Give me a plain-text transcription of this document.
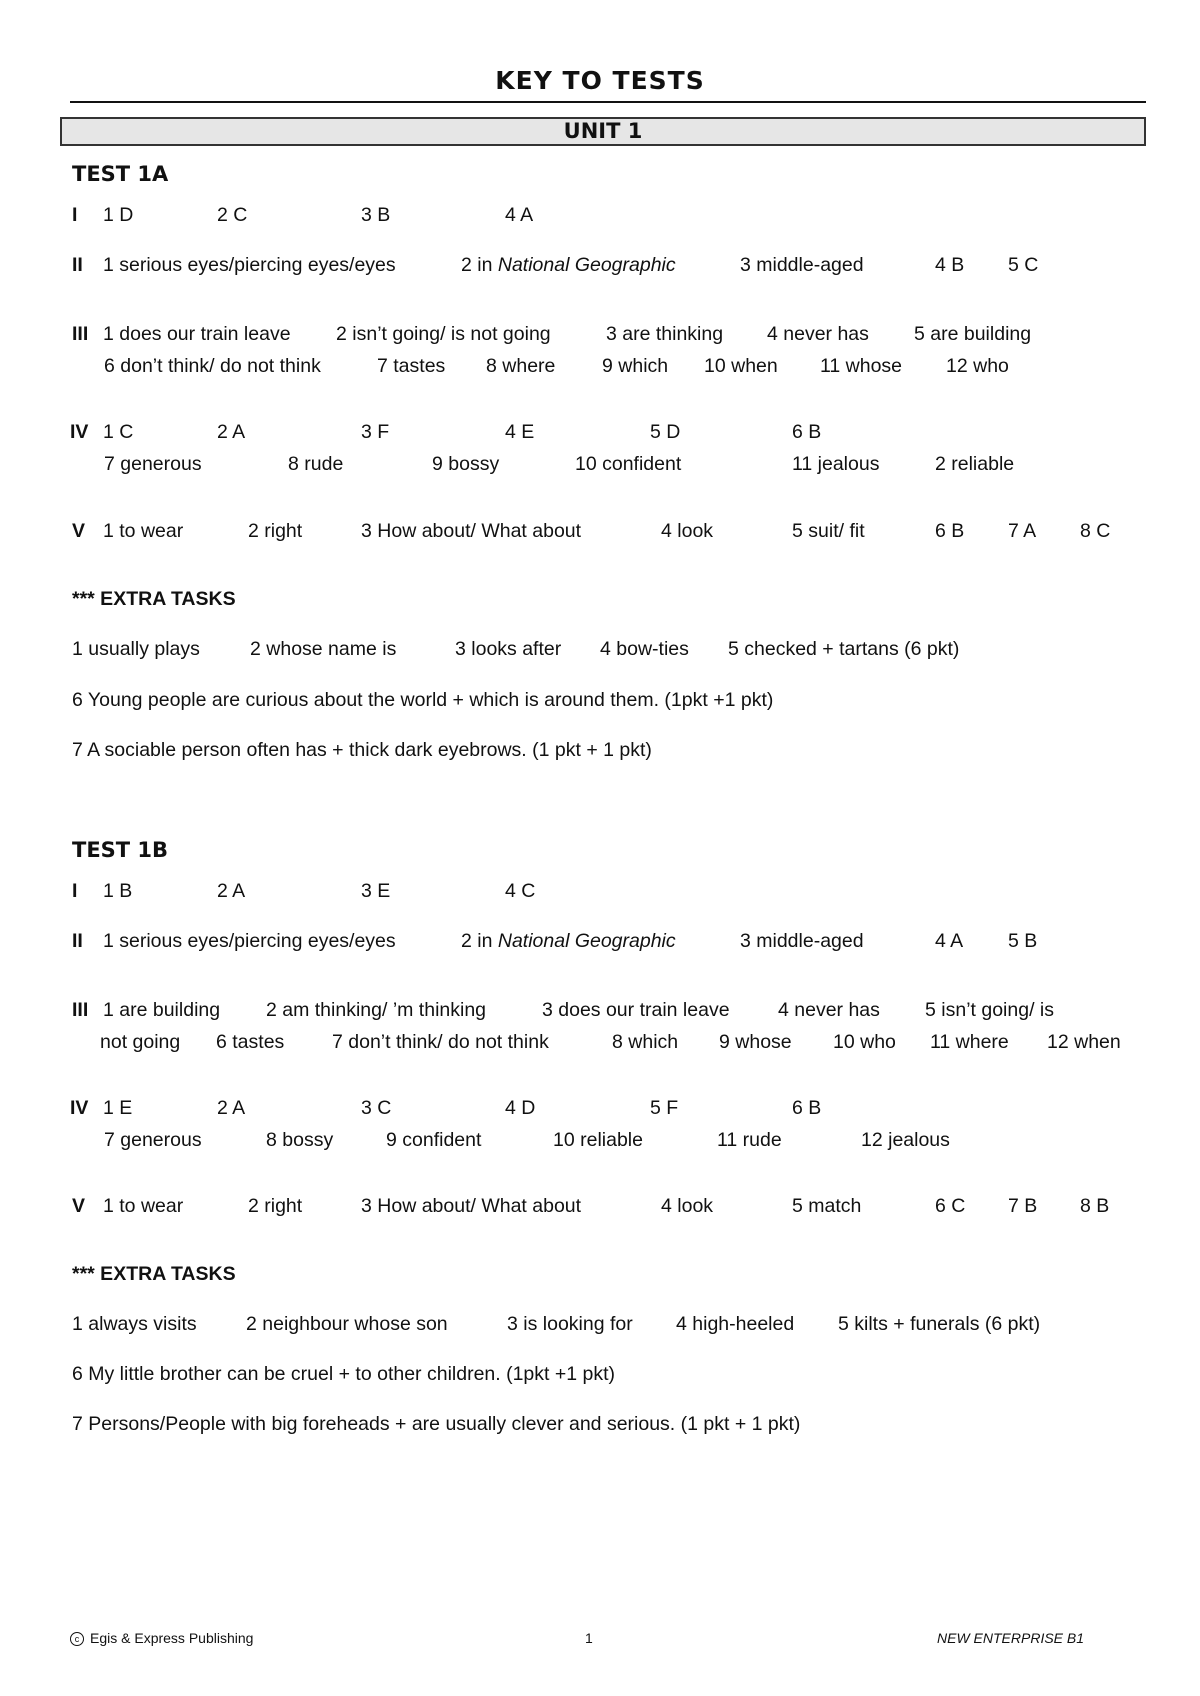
KEY TO TESTS
UNIT 1
TEST 1A
I 1 D	2 C	3 B	4 A
II 1 serious eyes/piercing eyes/eyes	2 in National Geographic	3 middle-aged	4 B 5 C
III 1 does our train leave 2 isn’t going/ is not going	3 are thinking 4 never has 5 are building
6 don’t think/ do not think	7 tastes 8 where 9 which 10 when 11 whose 12 who
IV 1 C	2 A	3 F	4 E	5 D	6 B
7 generous	8 rude	9 bossy	10 confident	11 jealous	2 reliable
V 1 to wear	2 right	3 How about/ What about	4 look	5 suit/ fit	6 B 7 A 8 C
*** EXTRA TASKS
1 usually plays	2 whose name is	3 looks after 4 bow-ties 5 checked + tartans (6 pkt)
6 Young people are curious about the world + which is around them. (1pkt +1 pkt)
7 A sociable person often has + thick dark eyebrows. (1 pkt + 1 pkt)
TEST 1B
I 1 B	2 A	3 E	4 C
II 1 serious eyes/piercing eyes/eyes	2 in National Geographic	3 middle-aged	4 A 5 B
III 1 are building 2 am thinking/ ’m thinking	3 does our train leave 4 never has 5 isn’t going/ is
not going 6 tastes 7 don’t think/ do not think	8 which 9 whose 10 who 11 where 12 when
IV 1 E	2 A	3 C	4 D	5 F	6 B
7 generous	8 bossy	9 confident	10 reliable	11 rude	12 jealous
V 1 to wear	2 right	3 How about/ What about	4 look	5 match	6 C 7 B 8 B
*** EXTRA TASKS
1 always visits	2 neighbour whose son	3 is looking for 4 high-heeled 5 kilts + funerals (6 pkt)
6 My little brother can be cruel + to other children. (1pkt +1 pkt)
7 Persons/People with big foreheads + are usually clever and serious. (1 pkt + 1 pkt)
c Egis & Express Publishing	1	NEW ENTERPRISE B1
